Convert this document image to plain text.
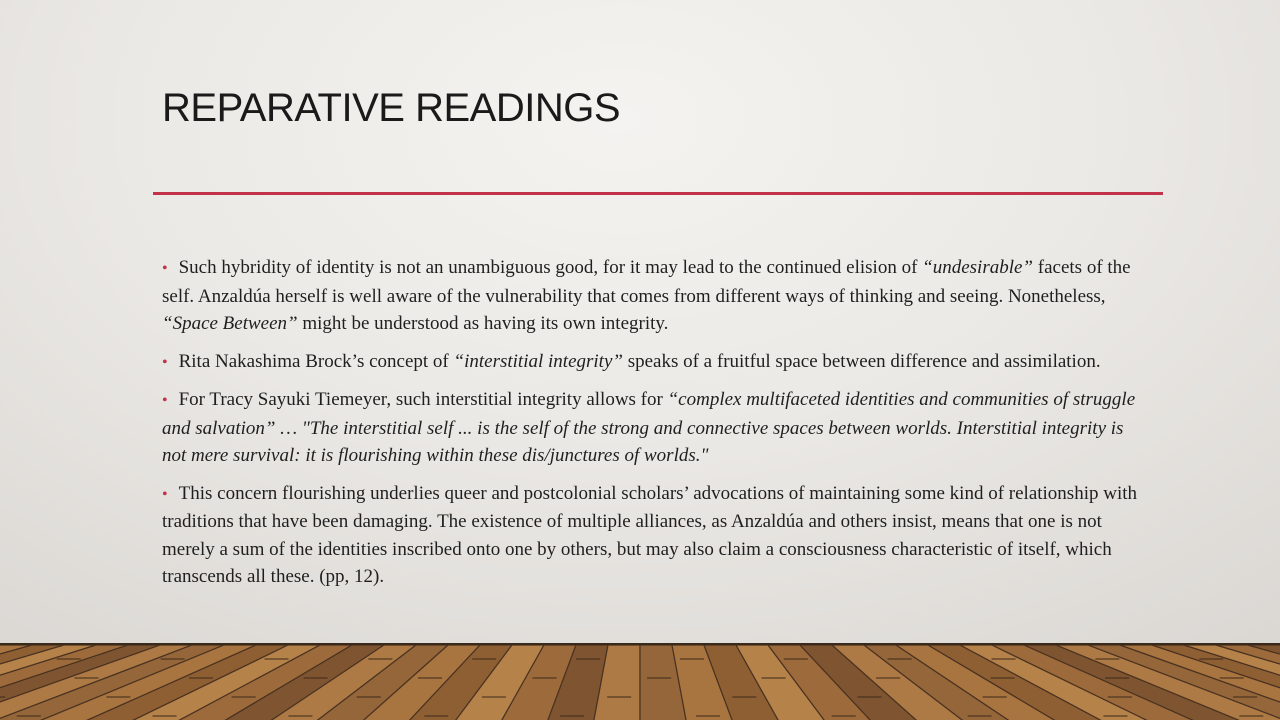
REPARATIVE READINGS
• Such hybridity of identity is not an unambiguous good, for it may lead to the continued elision of “undesirable” facets of the self. Anzaldúa herself is well aware of the vulnerability that comes from different ways of thinking and seeing. Nonetheless, “Space Between” might be understood as having its own integrity.
• Rita Nakashima Brock’s concept of “interstitial integrity” speaks of a fruitful space between difference and assimilation.
• For Tracy Sayuki Tiemeyer, such interstitial integrity allows for “complex multifaceted identities and communities of struggle and salvation” … "The interstitial self ... is the self of the strong and connective spaces between worlds. Interstitial integrity is not mere survival: it is flourishing within these dis/junctures of worlds."
• This concern flourishing underlies queer and postcolonial scholars’ advocations of maintaining some kind of relationship with traditions that have been damaging. The existence of multiple alliances, as Anzaldúa and others insist, means that one is not merely a sum of the identities inscribed onto one by others, but may also claim a consciousness characteristic of itself, which transcends all these. (pp, 12).
